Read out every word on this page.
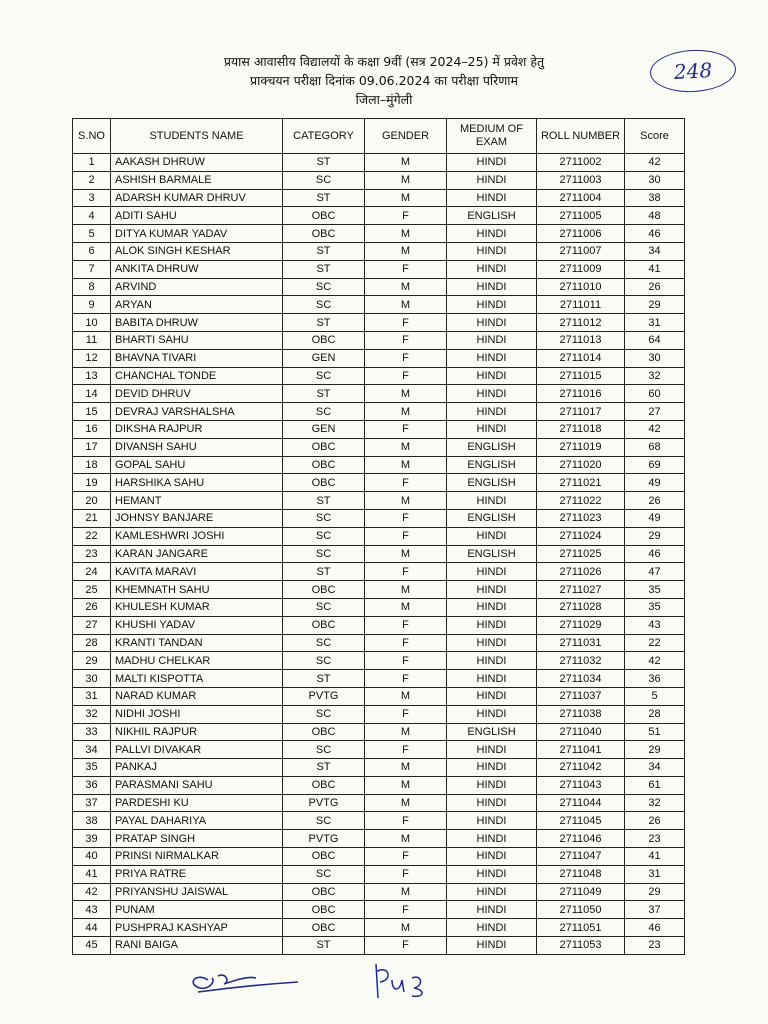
प्रयास आवासीय विद्यालयों के कक्षा 9वीं (सत्र 2024–25) में प्रवेश हेतु
प्राक्चयन परीक्षा दिनांक 09.06.2024 का परीक्षा परिणाम
जिला–मुंगेली
248
S.NO	STUDENTS NAME	CATEGORY	GENDER	MEDIUM OF EXAM	ROLL NUMBER	Score
1	AAKASH DHRUW	ST	M	HINDI	2711002	42
2	ASHISH BARMALE	SC	M	HINDI	2711003	30
3	ADARSH KUMAR DHRUV	ST	M	HINDI	2711004	38
4	ADITI SAHU	OBC	F	ENGLISH	2711005	48
5	DITYA KUMAR YADAV	OBC	M	HINDI	2711006	46
6	ALOK SINGH KESHAR	ST	M	HINDI	2711007	34
7	ANKITA DHRUW	ST	F	HINDI	2711009	41
8	ARVIND	SC	M	HINDI	2711010	26
9	ARYAN	SC	M	HINDI	2711011	29
10	BABITA DHRUW	ST	F	HINDI	2711012	31
11	BHARTI SAHU	OBC	F	HINDI	2711013	64
12	BHAVNA TIVARI	GEN	F	HINDI	2711014	30
13	CHANCHAL TONDE	SC	F	HINDI	2711015	32
14	DEVID DHRUV	ST	M	HINDI	2711016	60
15	DEVRAJ VARSHALSHA	SC	M	HINDI	2711017	27
16	DIKSHA RAJPUR	GEN	F	HINDI	2711018	42
17	DIVANSH SAHU	OBC	M	ENGLISH	2711019	68
18	GOPAL SAHU	OBC	M	ENGLISH	2711020	69
19	HARSHIKA SAHU	OBC	F	ENGLISH	2711021	49
20	HEMANT	ST	M	HINDI	2711022	26
21	JOHNSY BANJARE	SC	F	ENGLISH	2711023	49
22	KAMLESHWRI JOSHI	SC	F	HINDI	2711024	29
23	KARAN JANGARE	SC	M	ENGLISH	2711025	46
24	KAVITA MARAVI	ST	F	HINDI	2711026	47
25	KHEMNATH SAHU	OBC	M	HINDI	2711027	35
26	KHULESH KUMAR	SC	M	HINDI	2711028	35
27	KHUSHI YADAV	OBC	F	HINDI	2711029	43
28	KRANTI TANDAN	SC	F	HINDI	2711031	22
29	MADHU CHELKAR	SC	F	HINDI	2711032	42
30	MALTI KISPOTTA	ST	F	HINDI	2711034	36
31	NARAD KUMAR	PVTG	M	HINDI	2711037	5
32	NIDHI JOSHI	SC	F	HINDI	2711038	28
33	NIKHIL RAJPUR	OBC	M	ENGLISH	2711040	51
34	PALLVI DIVAKAR	SC	F	HINDI	2711041	29
35	PANKAJ	ST	M	HINDI	2711042	34
36	PARASMANI SAHU	OBC	M	HINDI	2711043	61
37	PARDESHI KU	PVTG	M	HINDI	2711044	32
38	PAYAL DAHARIYA	SC	F	HINDI	2711045	26
39	PRATAP SINGH	PVTG	M	HINDI	2711046	23
40	PRINSI NIRMALKAR	OBC	F	HINDI	2711047	41
41	PRIYA RATRE	SC	F	HINDI	2711048	31
42	PRIYANSHU JAISWAL	OBC	M	HINDI	2711049	29
43	PUNAM	OBC	F	HINDI	2711050	37
44	PUSHPRAJ KASHYAP	OBC	M	HINDI	2711051	46
45	RANI BAIGA	ST	F	HINDI	2711053	23
